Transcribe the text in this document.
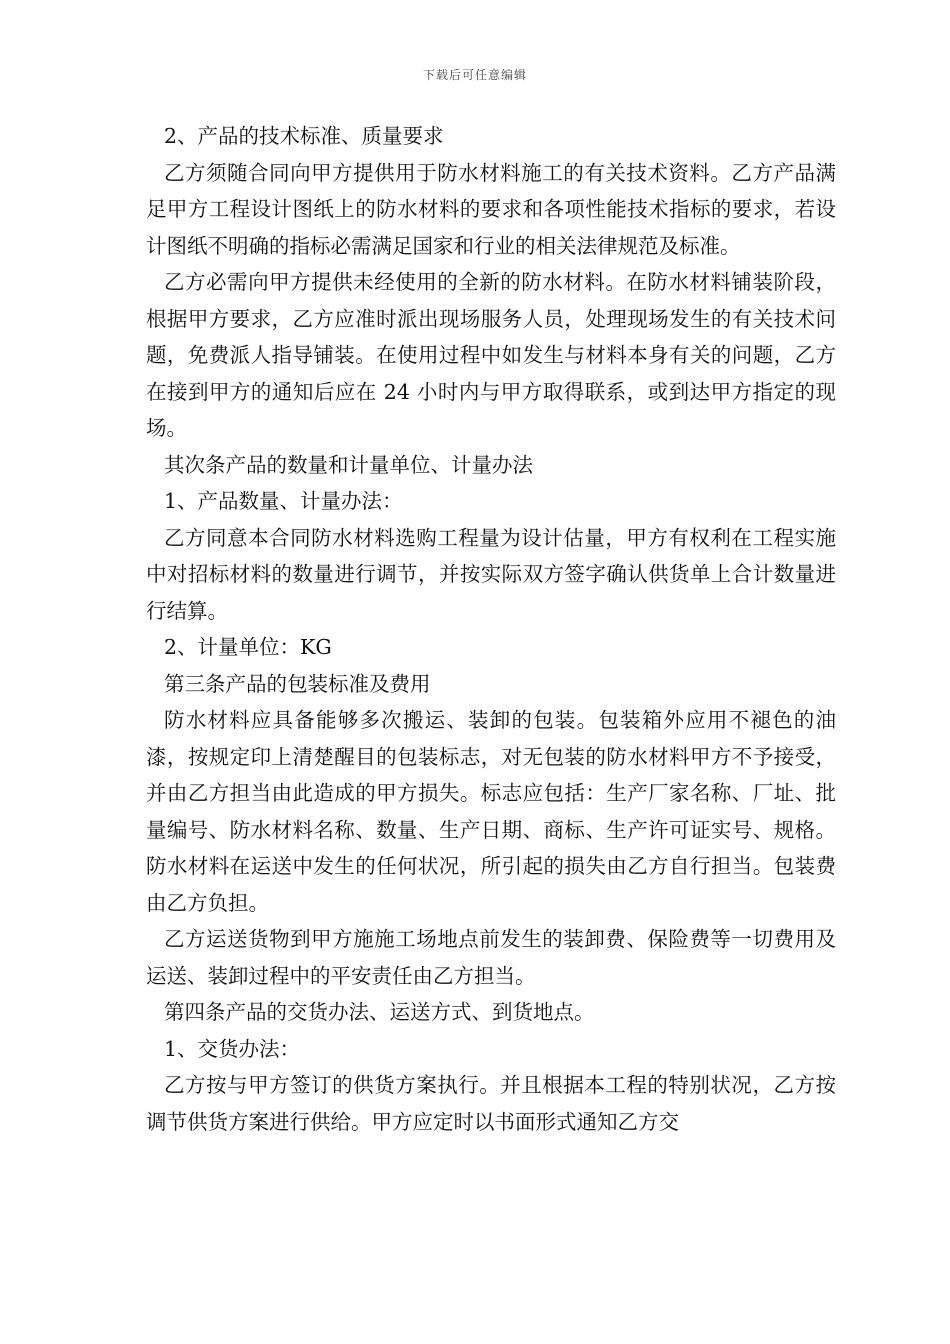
下载后可任意编辑

2、产品的技术标准、质量要求

乙方须随合同向甲方提供用于防水材料施工的有关技术资料。乙方产品满足甲方工程设计图纸上的防水材料的要求和各项性能技术指标的要求，若设计图纸不明确的指标必需满足国家和行业的相关法律规范及标准。

乙方必需向甲方提供未经使用的全新的防水材料。在防水材料铺装阶段，根据甲方要求，乙方应准时派出现场服务人员，处理现场发生的有关技术问题，免费派人指导铺装。在使用过程中如发生与材料本身有关的问题，乙方在接到甲方的通知后应在 24 小时内与甲方取得联系，或到达甲方指定的现场。

其次条产品的数量和计量单位、计量办法

1、产品数量、计量办法：

乙方同意本合同防水材料选购工程量为设计估量，甲方有权利在工程实施中对招标材料的数量进行调节，并按实际双方签字确认供货单上合计数量进行结算。

2、计量单位：KG

第三条产品的包装标准及费用

防水材料应具备能够多次搬运、装卸的包装。包装箱外应用不褪色的油漆，按规定印上清楚醒目的包装标志，对无包装的防水材料甲方不予接受，并由乙方担当由此造成的甲方损失。标志应包括：生产厂家名称、厂址、批量编号、防水材料名称、数量、生产日期、商标、生产许可证实号、规格。防水材料在运送中发生的任何状况，所引起的损失由乙方自行担当。包装费由乙方负担。

乙方运送货物到甲方施施工场地点前发生的装卸费、保险费等一切费用及运送、装卸过程中的平安责任由乙方担当。

第四条产品的交货办法、运送方式、到货地点。

1、交货办法：

乙方按与甲方签订的供货方案执行。并且根据本工程的特别状况，乙方按调节供货方案进行供给。甲方应定时以书面形式通知乙方交
